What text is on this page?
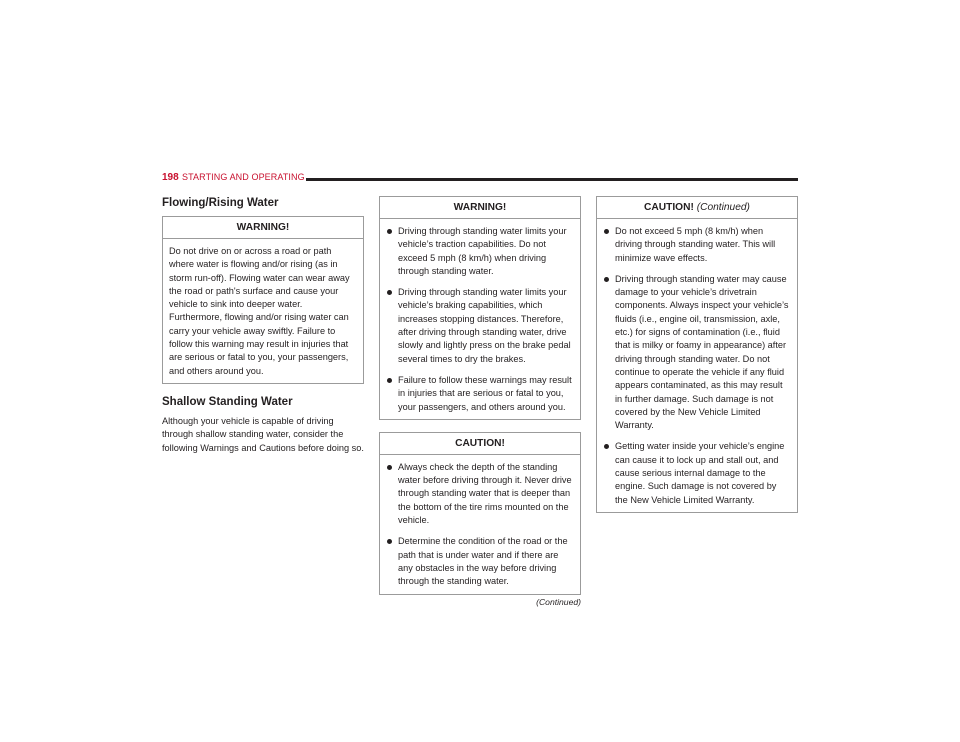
198 STARTING AND OPERATING
Flowing/Rising Water
WARNING!

Do not drive on or across a road or path where water is flowing and/or rising (as in storm run-off). Flowing water can wear away the road or path's surface and cause your vehicle to sink into deeper water. Furthermore, flowing and/or rising water can carry your vehicle away swiftly. Failure to follow this warning may result in injuries that are serious or fatal to you, your passengers, and others around you.

Shallow Standing Water

Although your vehicle is capable of driving through shallow standing water, consider the following Warnings and Cautions before doing so.

WARNING!
Driving through standing water limits your vehicle’s traction capabilities. Do not exceed 5 mph (8 km/h) when driving through standing water.
Driving through standing water limits your vehicle’s braking capabilities, which increases stopping distances. Therefore, after driving through standing water, drive slowly and lightly press on the brake pedal several times to dry the brakes.
Failure to follow these warnings may result in injuries that are serious or fatal to you, your passengers, and others around you.
CAUTION!
Always check the depth of the standing water before driving through it. Never drive through standing water that is deeper than the bottom of the tire rims mounted on the vehicle.
Determine the condition of the road or the path that is under water and if there are any obstacles in the way before driving through the standing water.
(Continued)
CAUTION! (Continued)
Do not exceed 5 mph (8 km/h) when driving through standing water. This will minimize wave effects.
Driving through standing water may cause damage to your vehicle’s drivetrain components. Always inspect your vehicle’s fluids (i.e., engine oil, transmission, axle, etc.) for signs of contamination (i.e., fluid that is milky or foamy in appearance) after driving through standing water. Do not continue to operate the vehicle if any fluid appears contaminated, as this may result in further damage. Such damage is not covered by the New Vehicle Limited Warranty.
Getting water inside your vehicle’s engine can cause it to lock up and stall out, and cause serious internal damage to the engine. Such damage is not covered by the New Vehicle Limited Warranty.
